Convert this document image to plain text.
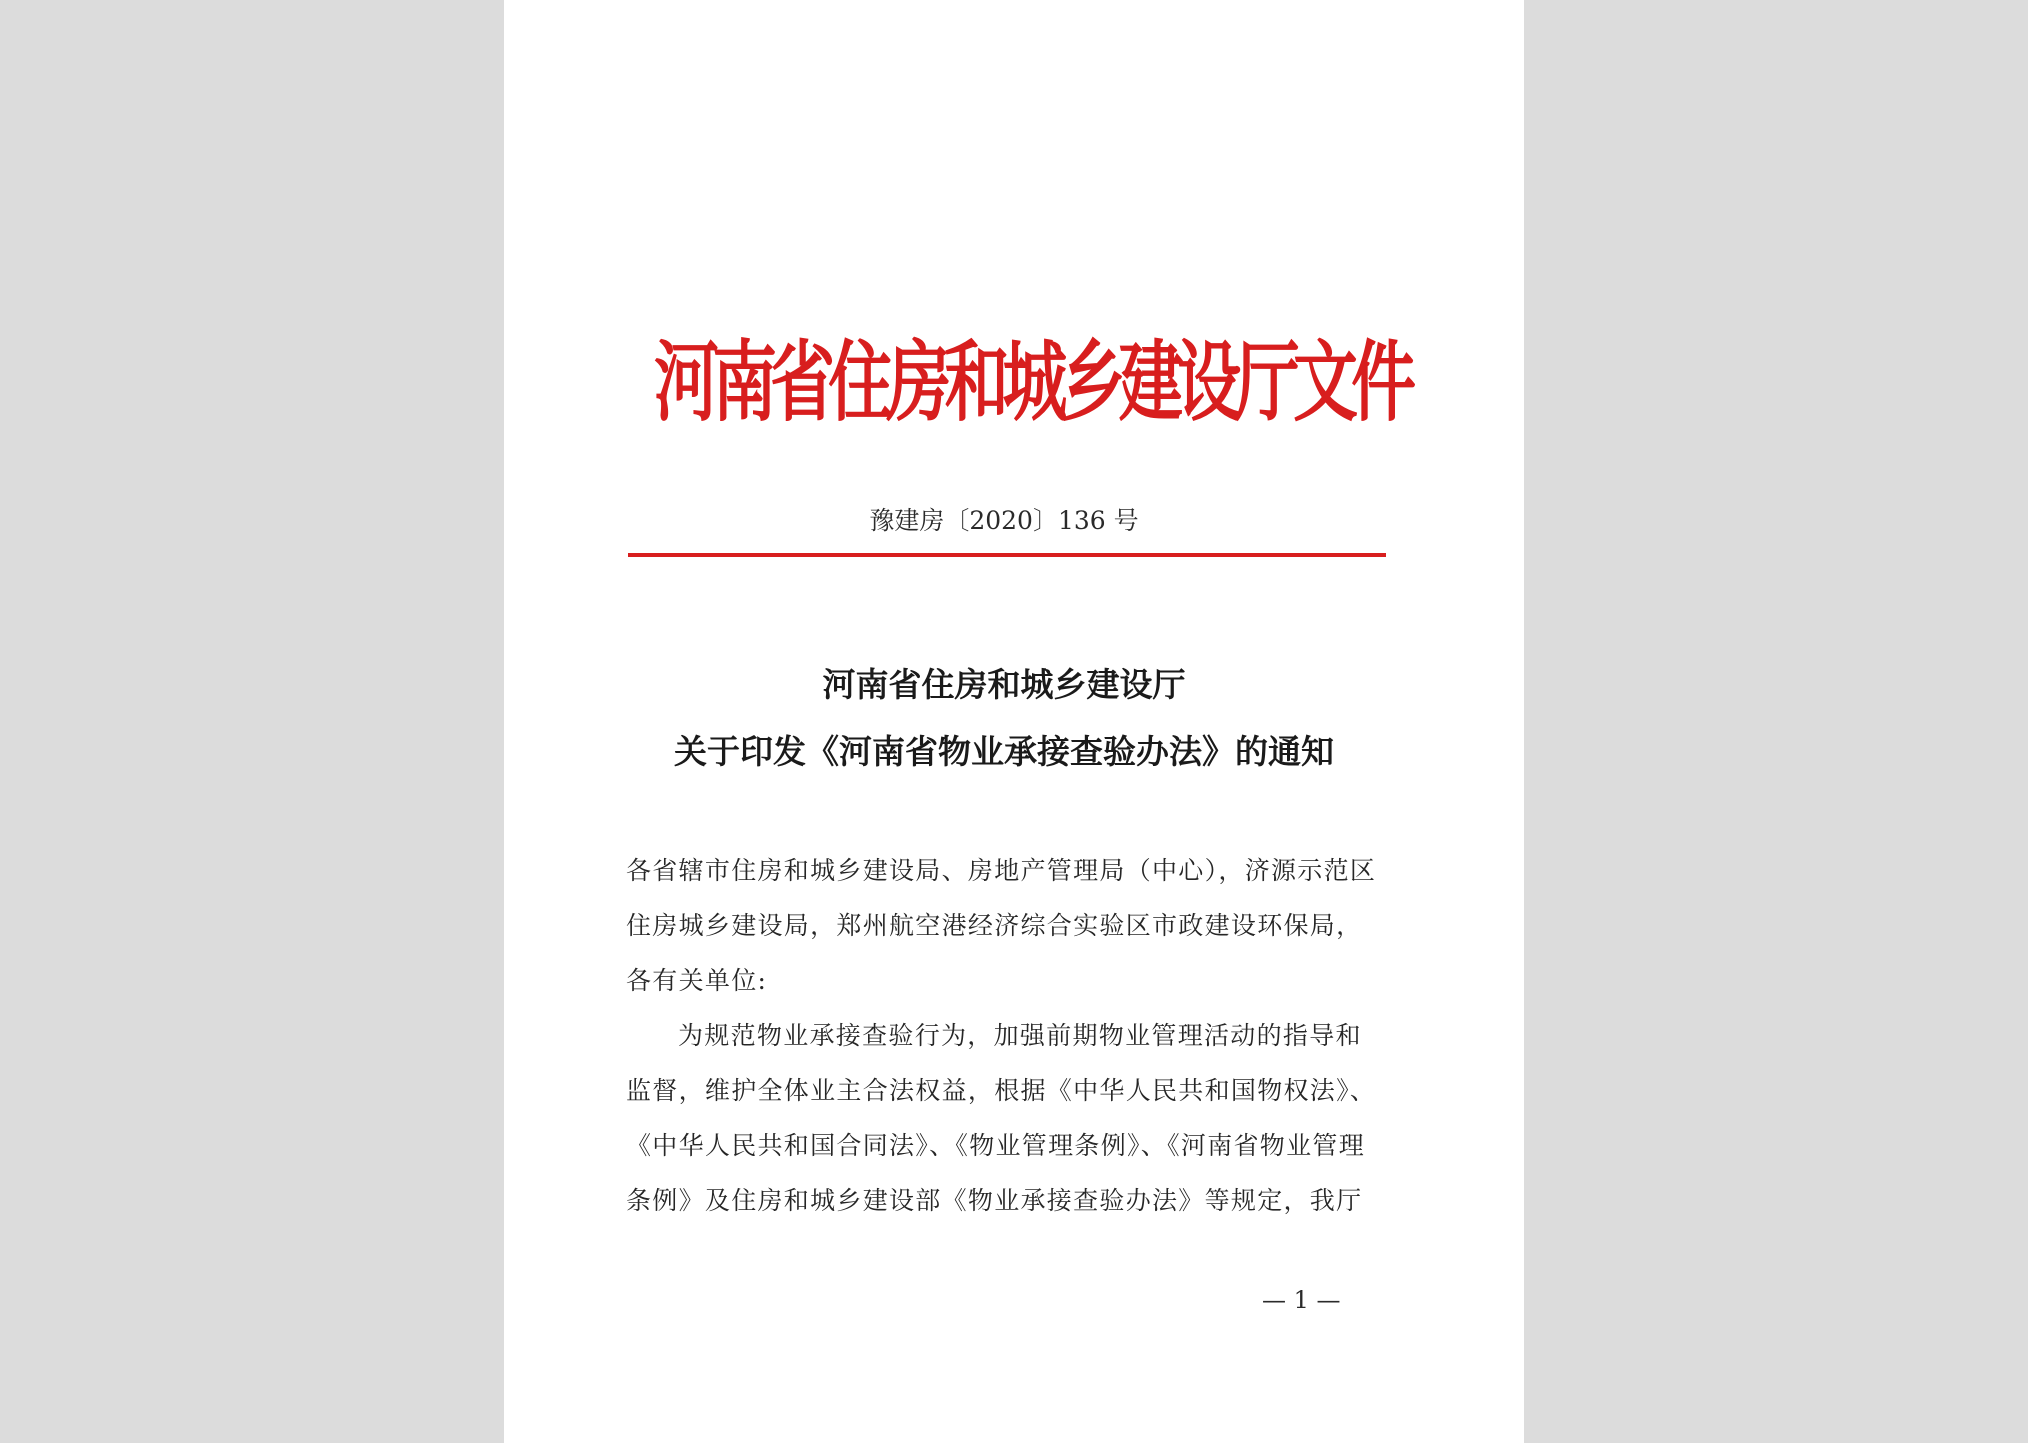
河南省住房和城乡建设厅文件
豫建房〔2020〕136 号
河南省住房和城乡建设厅
关于印发《河南省物业承接查验办法》的通知
各省辖市住房和城乡建设局、房地产管理局（中心），济源示范区
住房城乡建设局，郑州航空港经济综合实验区市政建设环保局，
各有关单位:
为规范物业承接查验行为，加强前期物业管理活动的指导和
监督，维护全体业主合法权益，根据《中华人民共和国物权法》、
《中华人民共和国合同法》、《物业管理条例》、《河南省物业管理
条例》及住房和城乡建设部《物业承接查验办法》等规定，我厅
— 1 —
